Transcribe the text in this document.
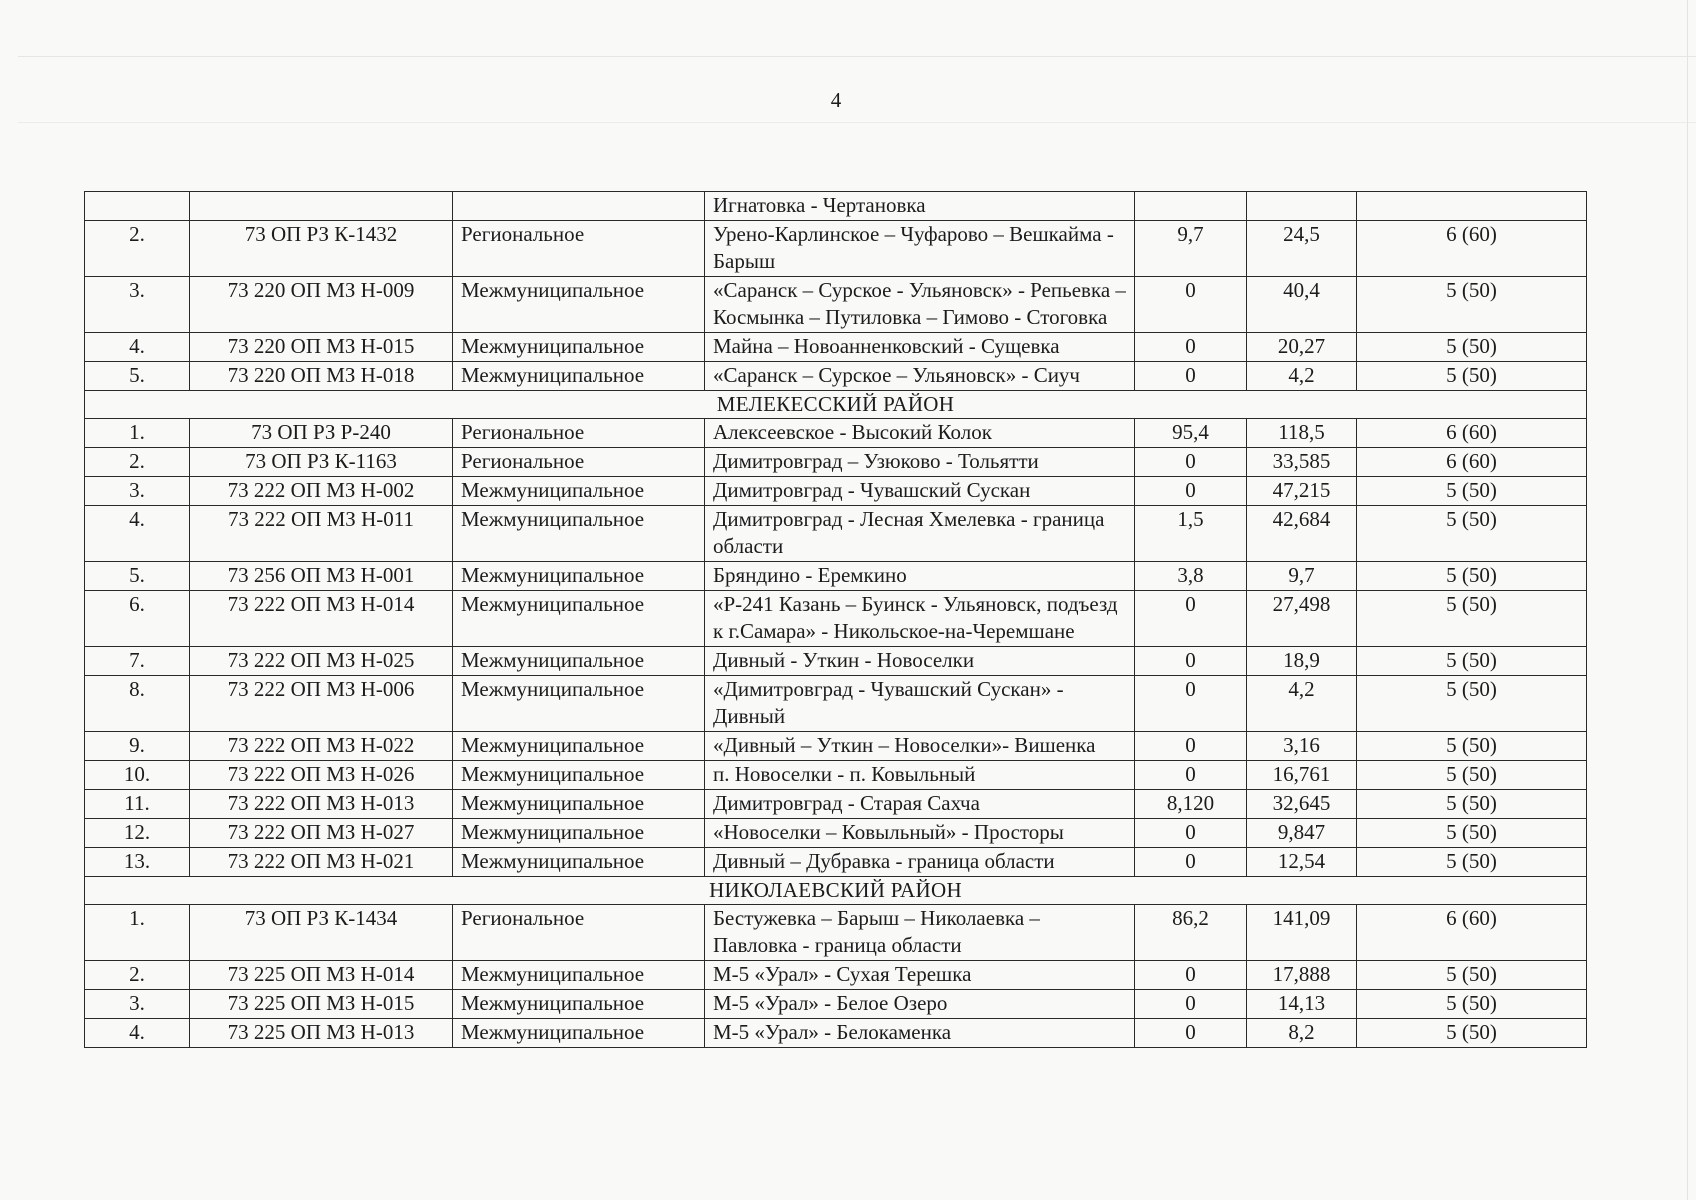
4
			Игнатовка - Чертановка			
2.	73 ОП РЗ К-1432	Региональное	Урено-Карлинское – Чуфарово – Вешкайма - Барыш	9,7	24,5	6 (60)
3.	73 220 ОП МЗ Н-009	Межмуниципальное	«Саранск – Сурское - Ульяновск» - Репьевка – Космынка – Путиловка – Гимово - Стоговка	0	40,4	5 (50)
4.	73 220 ОП МЗ Н-015	Межмуниципальное	Майна – Новоанненковский - Сущевка	0	20,27	5 (50)
5.	73 220 ОП МЗ Н-018	Межмуниципальное	«Саранск – Сурское – Ульяновск» - Сиуч	0	4,2	5 (50)
МЕЛЕКЕССКИЙ РАЙОН						
1.	73 ОП РЗ Р-240	Региональное	Алексеевское - Высокий Колок	95,4	118,5	6 (60)
2.	73 ОП РЗ К-1163	Региональное	Димитровград – Узюково - Тольятти	0	33,585	6 (60)
3.	73 222 ОП МЗ Н-002	Межмуниципальное	Димитровград - Чувашский Сускан	0	47,215	5 (50)
4.	73 222 ОП МЗ Н-011	Межмуниципальное	Димитровград - Лесная Хмелевка - граница области	1,5	42,684	5 (50)
5.	73 256 ОП МЗ Н-001	Межмуниципальное	Бряндино - Еремкино	3,8	9,7	5 (50)
6.	73 222 ОП МЗ Н-014	Межмуниципальное	«Р-241 Казань – Буинск - Ульяновск, подъезд к г.Самара» - Никольское-на-Черемшане	0	27,498	5 (50)
7.	73 222 ОП МЗ Н-025	Межмуниципальное	Дивный - Уткин - Новоселки	0	18,9	5 (50)
8.	73 222 ОП МЗ Н-006	Межмуниципальное	«Димитровград - Чувашский Сускан» - Дивный	0	4,2	5 (50)
9.	73 222 ОП МЗ Н-022	Межмуниципальное	«Дивный – Уткин – Новоселки»- Вишенка	0	3,16	5 (50)
10.	73 222 ОП МЗ Н-026	Межмуниципальное	п. Новоселки - п. Ковыльный	0	16,761	5 (50)
11.	73 222 ОП МЗ Н-013	Межмуниципальное	Димитровград - Старая Сахча	8,120	32,645	5 (50)
12.	73 222 ОП МЗ Н-027	Межмуниципальное	«Новоселки – Ковыльный» - Просторы	0	9,847	5 (50)
13.	73 222 ОП МЗ Н-021	Межмуниципальное	Дивный – Дубравка - граница области	0	12,54	5 (50)
НИКОЛАЕВСКИЙ РАЙОН						
1.	73 ОП РЗ К-1434	Региональное	Бестужевка – Барыш – Николаевка – Павловка - граница области	86,2	141,09	6 (60)
2.	73 225 ОП МЗ Н-014	Межмуниципальное	М-5 «Урал» - Сухая Терешка	0	17,888	5 (50)
3.	73 225 ОП МЗ Н-015	Межмуниципальное	М-5 «Урал» - Белое Озеро	0	14,13	5 (50)
4.	73 225 ОП МЗ Н-013	Межмуниципальное	М-5 «Урал» - Белокаменка	0	8,2	5 (50)
